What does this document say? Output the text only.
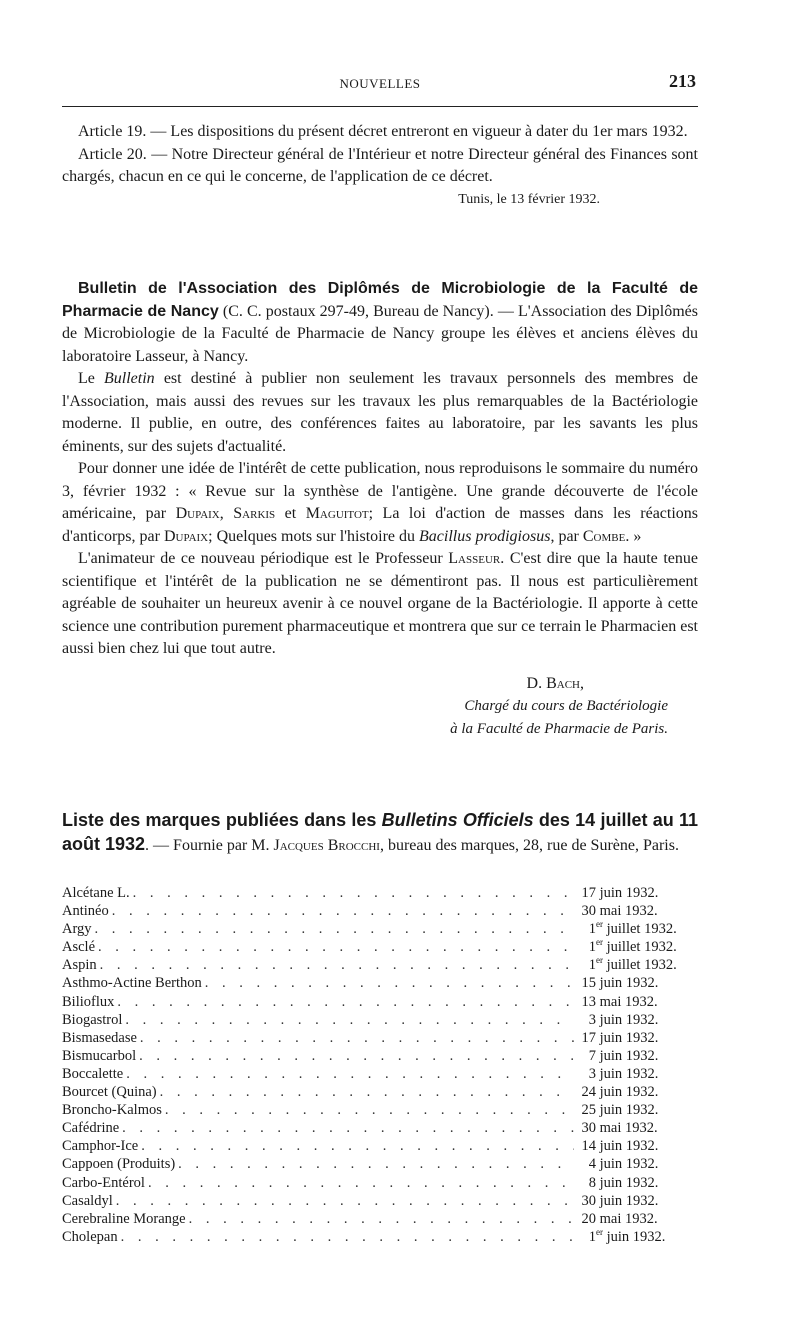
NOUVELLES	213

Article 19. — Les dispositions du présent décret entreront en vigueur à dater du 1er mars 1932.

Article 20. — Notre Directeur général de l'Intérieur et notre Directeur général des Finances sont chargés, chacun en ce qui le concerne, de l'application de ce décret.

Tunis, le 13 février 1932.

Bulletin de l'Association des Diplômés de Microbiologie de la Faculté de Pharmacie de Nancy (C. C. postaux 297-49, Bureau de Nancy). — L'Association des Diplômés de Microbiologie de la Faculté de Pharmacie de Nancy groupe les élèves et anciens élèves du laboratoire Lasseur, à Nancy.

Le Bulletin est destiné à publier non seulement les travaux personnels des membres de l'Association, mais aussi des revues sur les travaux les plus remarquables de la Bactériologie moderne. Il publie, en outre, des conférences faites au laboratoire, par les savants les plus éminents, sur des sujets d'actualité.

Pour donner une idée de l'intérêt de cette publication, nous reproduisons le sommaire du numéro 3, février 1932 : « Revue sur la synthèse de l'antigène. Une grande découverte de l'école américaine, par Dupaix, Sarkis et Maguitot; La loi d'action de masses dans les réactions d'anticorps, par Dupaix; Quelques mots sur l'histoire du Bacillus prodigiosus, par Combe. »

L'animateur de ce nouveau périodique est le Professeur Lasseur. C'est dire que la haute tenue scientifique et l'intérêt de la publication ne se démentiront pas. Il nous est particulièrement agréable de souhaiter un heureux avenir à ce nouvel organe de la Bactériologie. Il apporte à cette science une contribution purement pharmaceutique et montrera que sur ce terrain le Pharmacien est aussi bien chez lui que tout autre.

D. Bach,

Chargé du cours de Bactériologie

à la Faculté de Pharmacie de Paris.

Liste des marques publiées dans les Bulletins Officiels des 14 juillet au 11 août 1932. — Fournie par M. Jacques Brocchi, bureau des marques, 28, rue de Surène, Paris.

Alcétane L. . . .	17 juin 1932.
Antinéo . . .	30 mai 1932.
Argy . . .	1er juillet 1932.
Asclé . . .	1er juillet 1932.
Aspin . . .	1er juillet 1932.
Asthmo-Actine Berthon . . .	15 juin 1932.
Biliofluх . . .	13 mai 1932.
Biogastrol . . .	3 juin 1932.
Bismasedase . . .	17 juin 1932.
Bismucarbol . . .	7 juin 1932.
Boccalette . . .	3 juin 1932.
Bourcet (Quina) . . .	24 juin 1932.
Broncho-Kalmos . . .	25 juin 1932.
Cafédrine . . .	30 mai 1932.
Camphor-Ice . . .	14 juin 1932.
Cappoen (Produits) . . .	4 juin 1932.
Carbo-Entérol . . .	8 juin 1932.
Casaldyl . . .	30 juin 1932.
Cerebraline Morange . . .	20 mai 1932.
Cholepan . . .	1er juin 1932.
